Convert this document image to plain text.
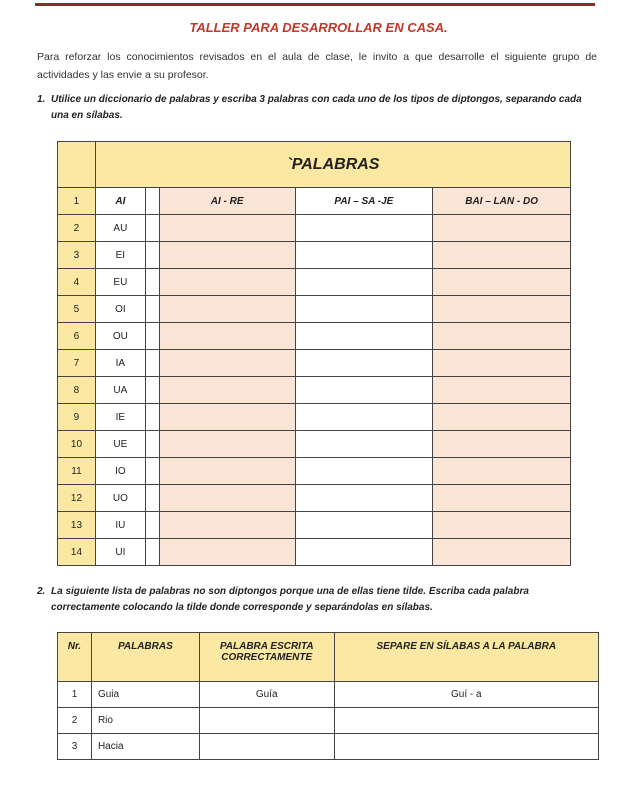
TALLER PARA DESARROLLAR EN CASA.
Para reforzar los conocimientos revisados en el aula de clase, le invito a que desarrolle el siguiente grupo de actividades y las envie a su profesor.
1. Utilice un diccionario de palabras y escriba 3 palabras con cada uno de los tipos de diptongos, separando cada una en sílabas.
	`PALABRAS				
1	AI		AI - RE	PAI – SA -JE	BAI – LAN - DO
2	AU				
3	EI				
4	EU				
5	OI				
6	OU				
7	IA				
8	UA				
9	IE				
10	UE				
11	IO				
12	UO				
13	IU				
14	UI				
2. La siguiente lista de palabras no son diptongos porque una de ellas tiene tilde. Escriba cada palabra correctamente colocando la tilde donde corresponde y separándolas en sílabas.
Nr.	PALABRAS	PALABRA ESCRITA CORRECTAMENTE	SEPARE EN SÍLABAS A LA PALABRA
1	Guia	Guía	Guí - a
2	Rio		
3	Hacia		
